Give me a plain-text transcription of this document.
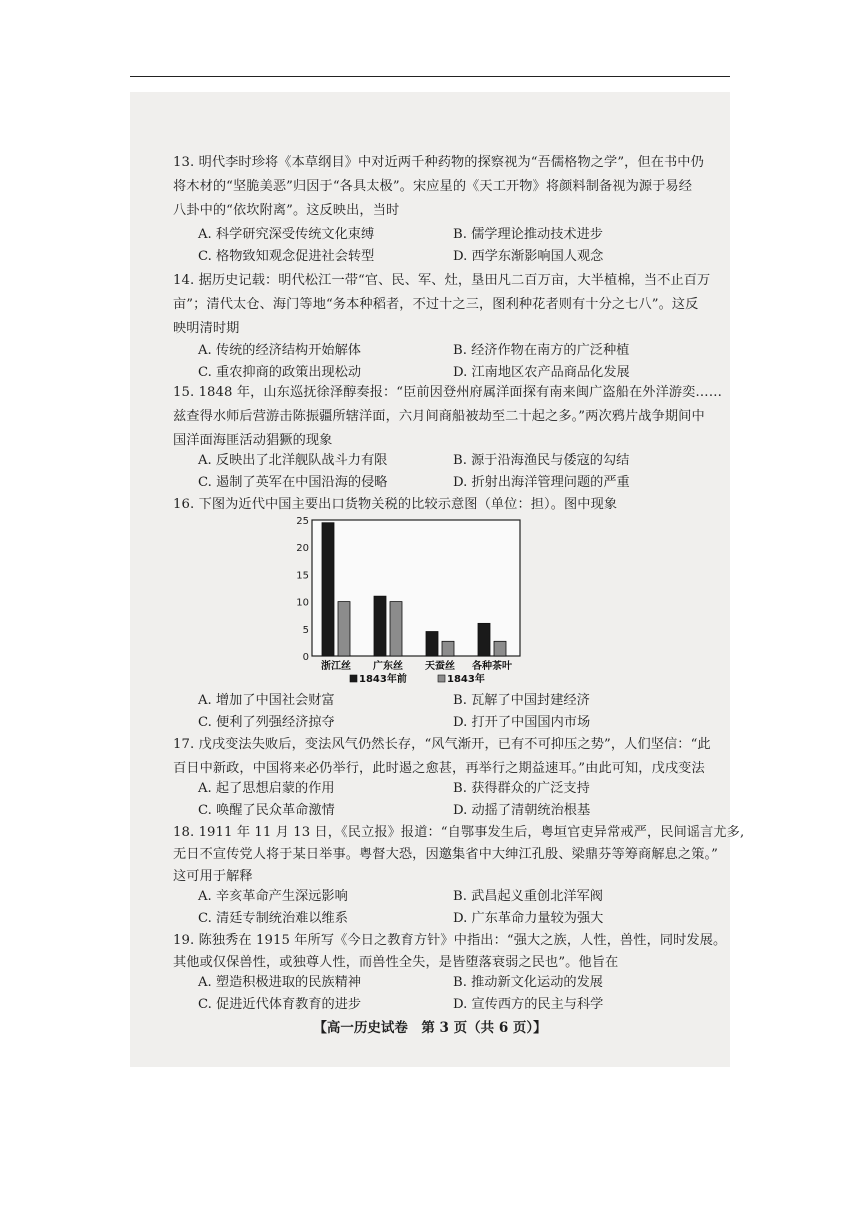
13. 明代李时珍将《本草纲目》中对近两千种药物的探察视为“吾儒格物之学”，但在书中仍
将木材的“坚脆美恶”归因于“各具太极”。宋应星的《天工开物》将颜料制备视为源于易经
八卦中的“依坎附离”。这反映出，当时
A. 科学研究深受传统文化束缚	B. 儒学理论推动技术进步
C. 格物致知观念促进社会转型	D. 西学东渐影响国人观念
14. 据历史记载：明代松江一带“官、民、军、灶，垦田凡二百万亩，大半植棉，当不止百万
亩”；清代太仓、海门等地“务本种稻者，不过十之三，图利种花者则有十分之七八”。这反
映明清时期
A. 传统的经济结构开始解体	B. 经济作物在南方的广泛种植
C. 重农抑商的政策出现松动	D. 江南地区农产品商品化发展
15. 1848 年，山东巡抚徐泽醇奏报：“臣前因登州府属洋面探有南来闽广盗船在外洋游奕……
兹查得水师后营游击陈振疆所辖洋面，六月间商船被劫至二十起之多。”两次鸦片战争期间中
国洋面海匪活动猖獗的现象
A. 反映出了北洋舰队战斗力有限	B. 源于沿海渔民与倭寇的勾结
C. 遏制了英军在中国沿海的侵略	D. 折射出海洋管理问题的严重
16. 下图为近代中国主要出口货物关税的比较示意图（单位：担）。图中现象
0
5
10
15
20
25
浙江丝 广东丝 天蚕丝 各种茶叶
1843年前	1843年
A. 增加了中国社会财富	B. 瓦解了中国封建经济
C. 便利了列强经济掠夺	D. 打开了中国国内市场
17. 戊戌变法失败后，变法风气仍然长存，“风气渐开，已有不可抑压之势”，人们坚信：“此
百日中新政，中国将来必仍举行，此时遏之愈甚，再举行之期益速耳。”由此可知，戊戌变法
A. 起了思想启蒙的作用	B. 获得群众的广泛支持
C. 唤醒了民众革命激情	D. 动摇了清朝统治根基
18. 1911 年 11 月 13 日，《民立报》报道：“自鄂事发生后，粤垣官吏异常戒严，民间谣言尤多,
无日不宣传党人将于某日举事。粤督大恐，因邀集省中大绅江孔殷、梁鼎芬等筹商解息之策。”
这可用于解释
A. 辛亥革命产生深远影响	B. 武昌起义重创北洋军阀
C. 清廷专制统治难以维系	D. 广东革命力量较为强大
19. 陈独秀在 1915 年所写《今日之教育方针》中指出：“强大之族，人性，兽性，同时发展。
其他或仅保兽性，或独尊人性，而兽性全失，是皆堕落衰弱之民也”。他旨在
A. 塑造积极进取的民族精神	B. 推动新文化运动的发展
C. 促进近代体育教育的进步	D. 宣传西方的民主与科学
【高一历史试卷　第 3 页（共 6 页）】
